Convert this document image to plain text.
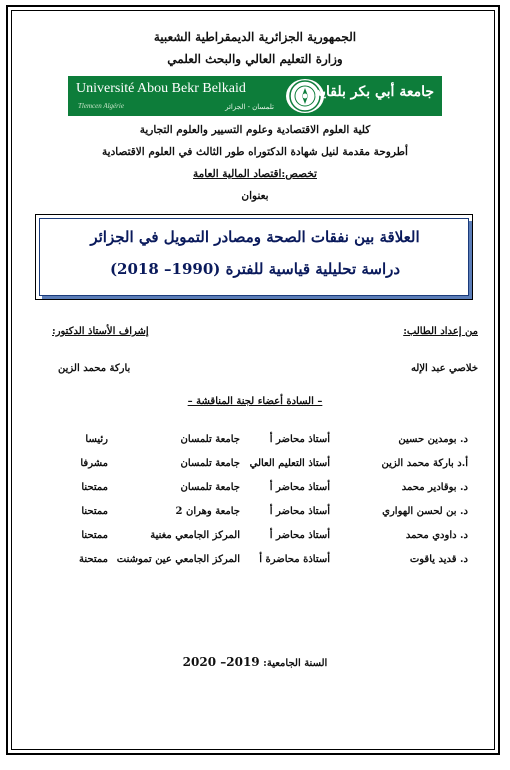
الجمهورية الجزائرية الديمقراطية الشعبية
وزارة التعليم العالي والبحث العلمي
Université Abou Bekr Belkaid
Tlemcen Algérie	تلمسان - الجزائر
جامعة أبي بكر بلقايد
كلية العلوم الاقتصادية وعلوم التسيير والعلوم التجارية
أطروحة مقدمة لنيل شهادة الدكتوراه طور الثالث في العلوم الاقتصادية
تخصص:اقتصاد المالية العامة
بعنوان
العلاقة بين نفقات الصحة ومصادر التمويل في الجزائر
دراسة تحليلية قياسية للفترة (1990– 2018)
من إعداد الطالب:
خلاصي عبد الإله
إشراف الأستاذ الدكتور:
باركة محمد الزين
– السادة أعضاء لجنة المناقشة –
د. بومدين حسين
أستاذ محاضر أ
جامعة تلمسان
رئيسا
أ.د باركة محمد الزين
أستاذ التعليم العالي
جامعة تلمسان
مشرفا
د. بوقادير محمد
أستاذ محاضر أ
جامعة تلمسان
ممتحنا
د. بن لحسن الهواري
أستاذ محاضر أ
جامعة وهران 2
ممتحنا
د. داودي محمد
أستاذ محاضر أ
المركز الجامعي مغنية
ممتحنا
د. قديد ياقوت
أستاذة محاضرة أ
المركز الجامعي عين تموشنت
ممتحنة
السنة الجامعية: 2019– 2020
